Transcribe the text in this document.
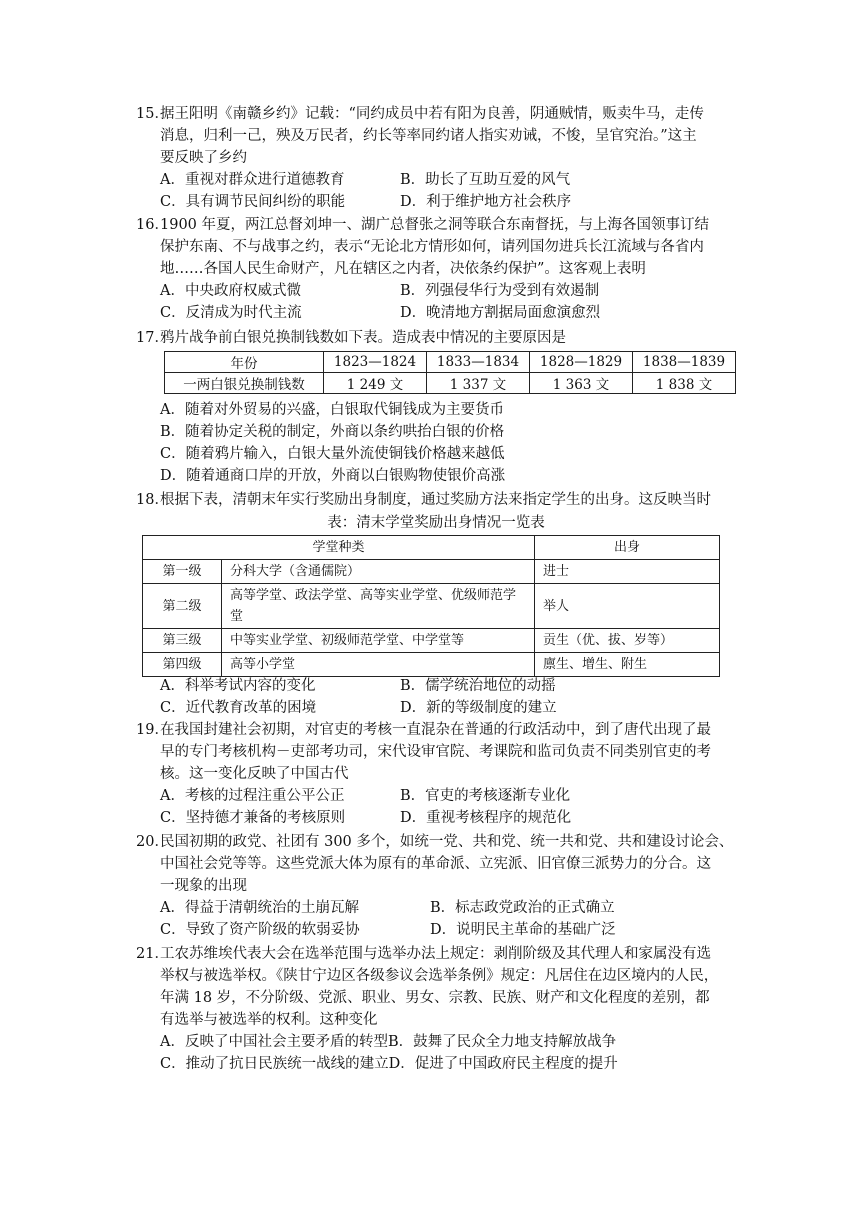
15．据王阳明《南赣乡约》记载：“同约成员中若有阳为良善，阴通贼情，贩卖牛马，走传
消息，归利一己，殃及万民者，约长等率同约诸人指实劝诫，不悛，呈官究治。”这主
要反映了乡约

A．重视对群众进行道德教育	B．助长了互助互爱的风气
C．具有调节民间纠纷的职能	D．利于维护地方社会秩序

16．1900 年夏，两江总督刘坤一、湖广总督张之洞等联合东南督抚，与上海各国领事订结
保护东南、不与战事之约，表示“无论北方情形如何，请列国勿进兵长江流域与各省内
地……各国人民生命财产，凡在辖区之内者，决依条约保护”。这客观上表明

A．中央政府权威式微	B．列强侵华行为受到有效遏制
C．反清成为时代主流	D．晚清地方割据局面愈演愈烈

17．鸦片战争前白银兑换制钱数如下表。造成表中情况的主要原因是

年份	1823—1824	1833—1834	1828—1829	1838—1839
一两白银兑换制钱数	1 249 文	1 337 文	1 363 文	1 838 文
A．随着对外贸易的兴盛，白银取代铜钱成为主要货币
B．随着协定关税的制定，外商以条约哄抬白银的价格
C．随着鸦片输入，白银大量外流使铜钱价格越来越低
D．随着通商口岸的开放，外商以白银购物使银价高涨

18．根据下表，清朝末年实行奖励出身制度，通过奖励方法来指定学生的出身。这反映当时

表：清末学堂奖励出身情况一览表
学堂种类		出身
第一级	分科大学（含通儒院）	进士
第二级	高等学堂、政法学堂、高等实业学堂、优级师范学堂	举人
第三级	中等实业学堂、初级师范学堂、中学堂等	贡生（优、拔、岁等）
第四级	高等小学堂	廪生、增生、附生
A．科举考试内容的变化	B．儒学统治地位的动摇
C．近代教育改革的困境	D．新的等级制度的建立

19．在我国封建社会初期，对官吏的考核一直混杂在普通的行政活动中，到了唐代出现了最
早的专门考核机构－吏部考功司，宋代设审官院、考课院和监司负责不同类别官吏的考
核。这一变化反映了中国古代

A．考核的过程注重公平公正	B．官吏的考核逐渐专业化
C．坚持德才兼备的考核原则	D．重视考核程序的规范化

20．民国初期的政党、社团有 300 多个，如统一党、共和党、统一共和党、共和建设讨论会、
中国社会党等等。这些党派大体为原有的革命派、立宪派、旧官僚三派势力的分合。这
一现象的出现

A．得益于清朝统治的土崩瓦解	B．标志政党政治的正式确立
C．导致了资产阶级的软弱妥协	D．说明民主革命的基础广泛

21．工农苏维埃代表大会在选举范围与选举办法上规定：剥削阶级及其代理人和家属没有选
举权与被选举权。《陕甘宁边区各级参议会选举条例》规定：凡居住在边区境内的人民，
年满 18 岁，不分阶级、党派、职业、男女、宗教、民族、财产和文化程度的差别，都
有选举与被选举的权利。这种变化

A．反映了中国社会主要矛盾的转型 B．鼓舞了民众全力地支持解放战争
C．推动了抗日民族统一战线的建立 D．促进了中国政府民主程度的提升
